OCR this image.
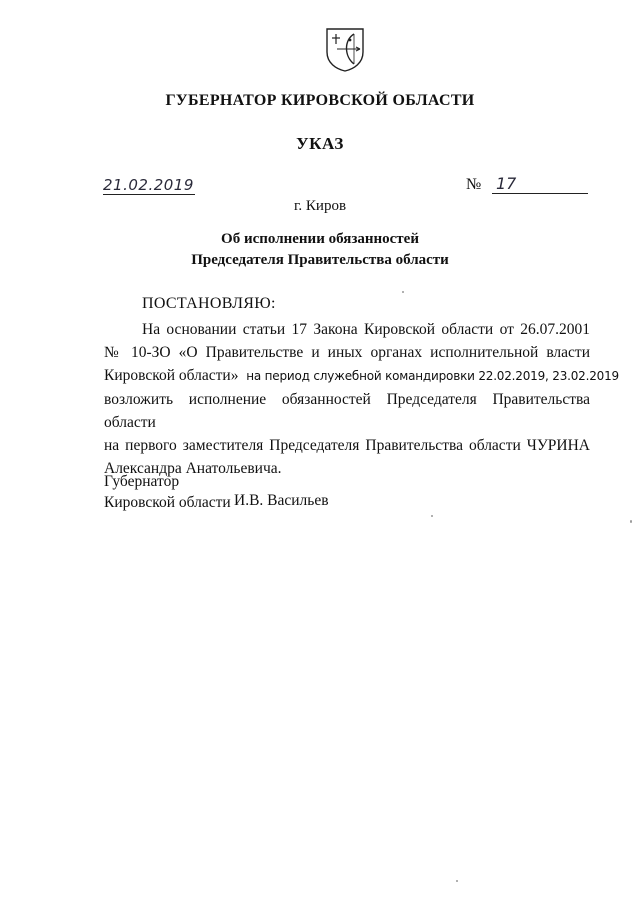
ГУБЕРНАТОР КИРОВСКОЙ ОБЛАСТИ
УКАЗ
21.02.2019	№ 17
г. Киров
Об исполнении обязанностей
Председателя Правительства области
ПОСТАНОВЛЯЮ:
На основании статьи 17 Закона Кировской области от 26.07.2001
№ 10-ЗО «О Правительстве и иных органах исполнительной власти
Кировской области» на период служебной командировки 22.02.2019, 23.02.2019
возложить исполнение обязанностей Председателя Правительства области
на первого заместителя Председателя Правительства области ЧУРИНА
Александра Анатольевича.
Губернатор
Кировской области И.В. Васильев
